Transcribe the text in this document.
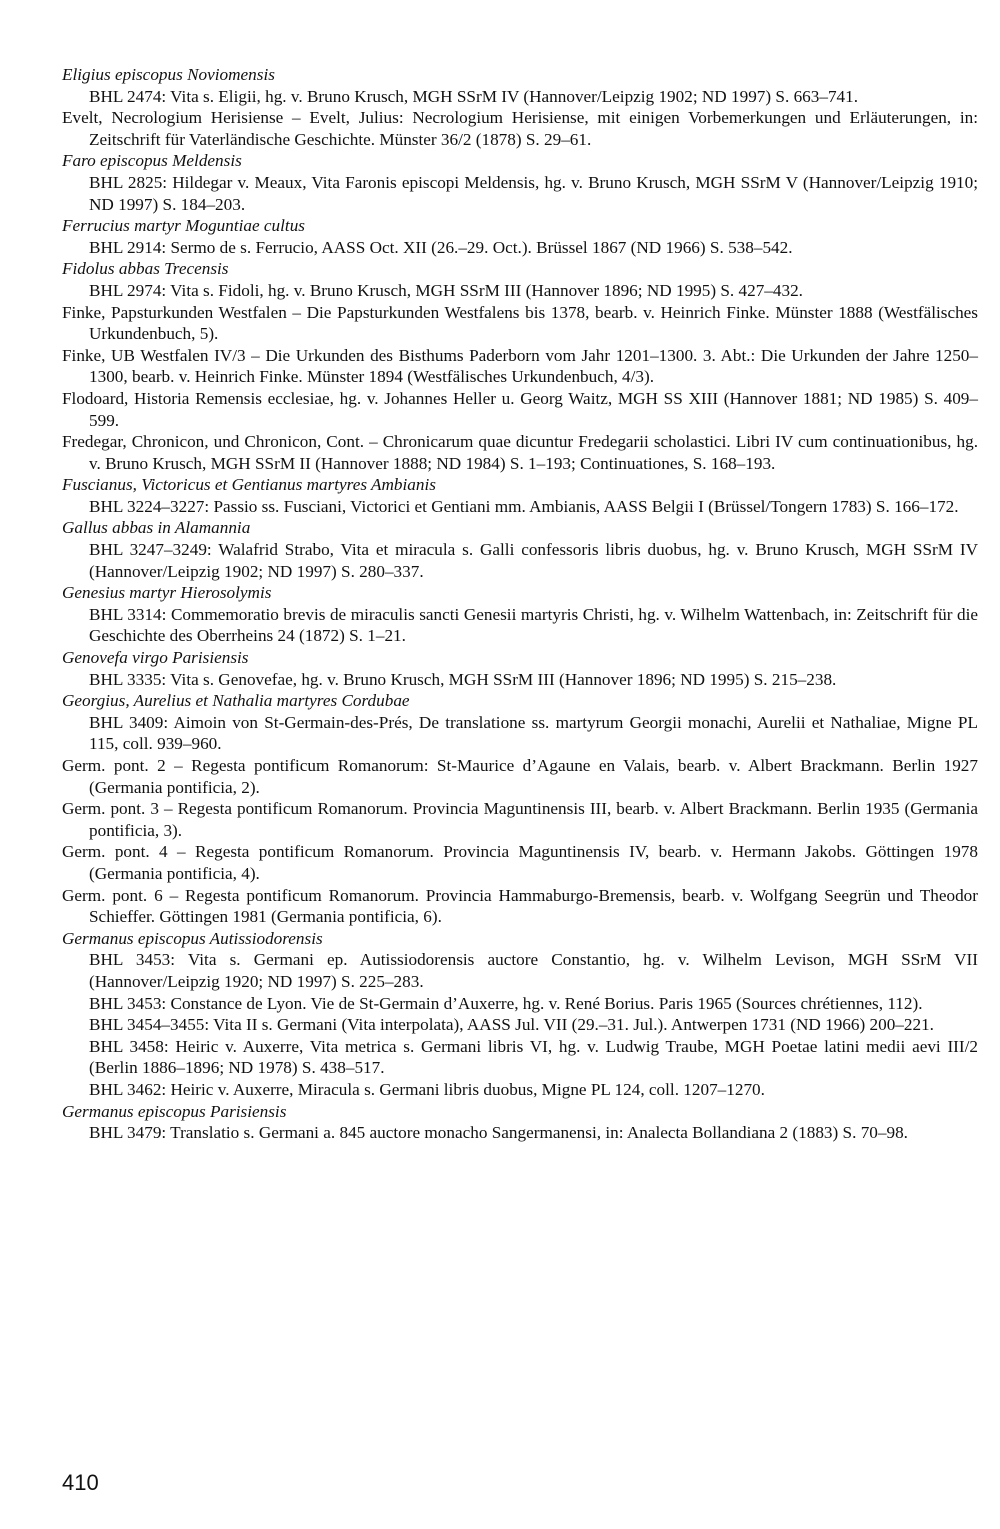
Eligius episcopus Noviomensis

BHL 2474: Vita s. Eligii, hg. v. Bruno Krusch, MGH SSrM IV (Hannover/Leipzig 1902; ND 1997) S. 663–741.

Evelt, Necrologium Herisiense – Evelt, Julius: Necrologium Herisiense, mit einigen Vorbemerkungen und Erläuterungen, in: Zeitschrift für Vaterländische Geschichte. Münster 36/2 (1878) S. 29–61.

Faro episcopus Meldensis

BHL 2825: Hildegar v. Meaux, Vita Faronis episcopi Meldensis, hg. v. Bruno Krusch, MGH SSrM V (Hannover/Leipzig 1910; ND 1997) S. 184–203.

Ferrucius martyr Moguntiae cultus

BHL 2914: Sermo de s. Ferrucio, AASS Oct. XII (26.–29. Oct.). Brüssel 1867 (ND 1966) S. 538–542.

Fidolus abbas Trecensis

BHL 2974: Vita s. Fidoli, hg. v. Bruno Krusch, MGH SSrM III (Hannover 1896; ND 1995) S. 427–432.

Finke, Papsturkunden Westfalen – Die Papsturkunden Westfalens bis 1378, bearb. v. Heinrich Finke. Münster 1888 (Westfälisches Urkundenbuch, 5).

Finke, UB Westfalen IV/3 – Die Urkunden des Bisthums Paderborn vom Jahr 1201–1300. 3. Abt.: Die Urkunden der Jahre 1250–1300, bearb. v. Heinrich Finke. Münster 1894 (Westfälisches Urkundenbuch, 4/3).

Flodoard, Historia Remensis ecclesiae, hg. v. Johannes Heller u. Georg Waitz, MGH SS XIII (Hannover 1881; ND 1985) S. 409–599.

Fredegar, Chronicon, und Chronicon, Cont. – Chronicarum quae dicuntur Fredegarii scholastici. Libri IV cum continuationibus, hg. v. Bruno Krusch, MGH SSrM II (Hannover 1888; ND 1984) S. 1–193; Continuationes, S. 168–193.

Fuscianus, Victoricus et Gentianus martyres Ambianis

BHL 3224–3227: Passio ss. Fusciani, Victorici et Gentiani mm. Ambianis, AASS Belgii I (Brüssel/Tongern 1783) S. 166–172.

Gallus abbas in Alamannia

BHL 3247–3249: Walafrid Strabo, Vita et miracula s. Galli confessoris libris duobus, hg. v. Bruno Krusch, MGH SSrM IV (Hannover/Leipzig 1902; ND 1997) S. 280–337.

Genesius martyr Hierosolymis

BHL 3314: Commemoratio brevis de miraculis sancti Genesii martyris Christi, hg. v. Wilhelm Wattenbach, in: Zeitschrift für die Geschichte des Oberrheins 24 (1872) S. 1–21.

Genovefa virgo Parisiensis

BHL 3335: Vita s. Genovefae, hg. v. Bruno Krusch, MGH SSrM III (Hannover 1896; ND 1995) S. 215–238.

Georgius, Aurelius et Nathalia martyres Cordubae

BHL 3409: Aimoin von St-Germain-des-Prés, De translatione ss. martyrum Georgii monachi, Aurelii et Nathaliae, Migne PL 115, coll. 939–960.

Germ. pont. 2 – Regesta pontificum Romanorum: St-Maurice d’Agaune en Valais, bearb. v. Albert Brackmann. Berlin 1927 (Germania pontificia, 2).

Germ. pont. 3 – Regesta pontificum Romanorum. Provincia Maguntinensis III, bearb. v. Albert Brackmann. Berlin 1935 (Germania pontificia, 3).

Germ. pont. 4 – Regesta pontificum Romanorum. Provincia Maguntinensis IV, bearb. v. Hermann Jakobs. Göttingen 1978 (Germania pontificia, 4).

Germ. pont. 6 – Regesta pontificum Romanorum. Provincia Hammaburgo-Bremensis, bearb. v. Wolfgang Seegrün und Theodor Schieffer. Göttingen 1981 (Germania pontificia, 6).

Germanus episcopus Autissiodorensis

BHL 3453: Vita s. Germani ep. Autissiodorensis auctore Constantio, hg. v. Wilhelm Levison, MGH SSrM VII (Hannover/Leipzig 1920; ND 1997) S. 225–283.

BHL 3453: Constance de Lyon. Vie de St-Germain d’Auxerre, hg. v. René Borius. Paris 1965 (Sources chrétiennes, 112).

BHL 3454–3455: Vita II s. Germani (Vita interpolata), AASS Jul. VII (29.–31. Jul.). Antwerpen 1731 (ND 1966) 200–221.

BHL 3458: Heiric v. Auxerre, Vita metrica s. Germani libris VI, hg. v. Ludwig Traube, MGH Poetae latini medii aevi III/2 (Berlin 1886–1896; ND 1978) S. 438–517.

BHL 3462: Heiric v. Auxerre, Miracula s. Germani libris duobus, Migne PL 124, coll. 1207–1270.

Germanus episcopus Parisiensis

BHL 3479: Translatio s. Germani a. 845 auctore monacho Sangermanensi, in: Analecta Bollandiana 2 (1883) S. 70–98.

410
